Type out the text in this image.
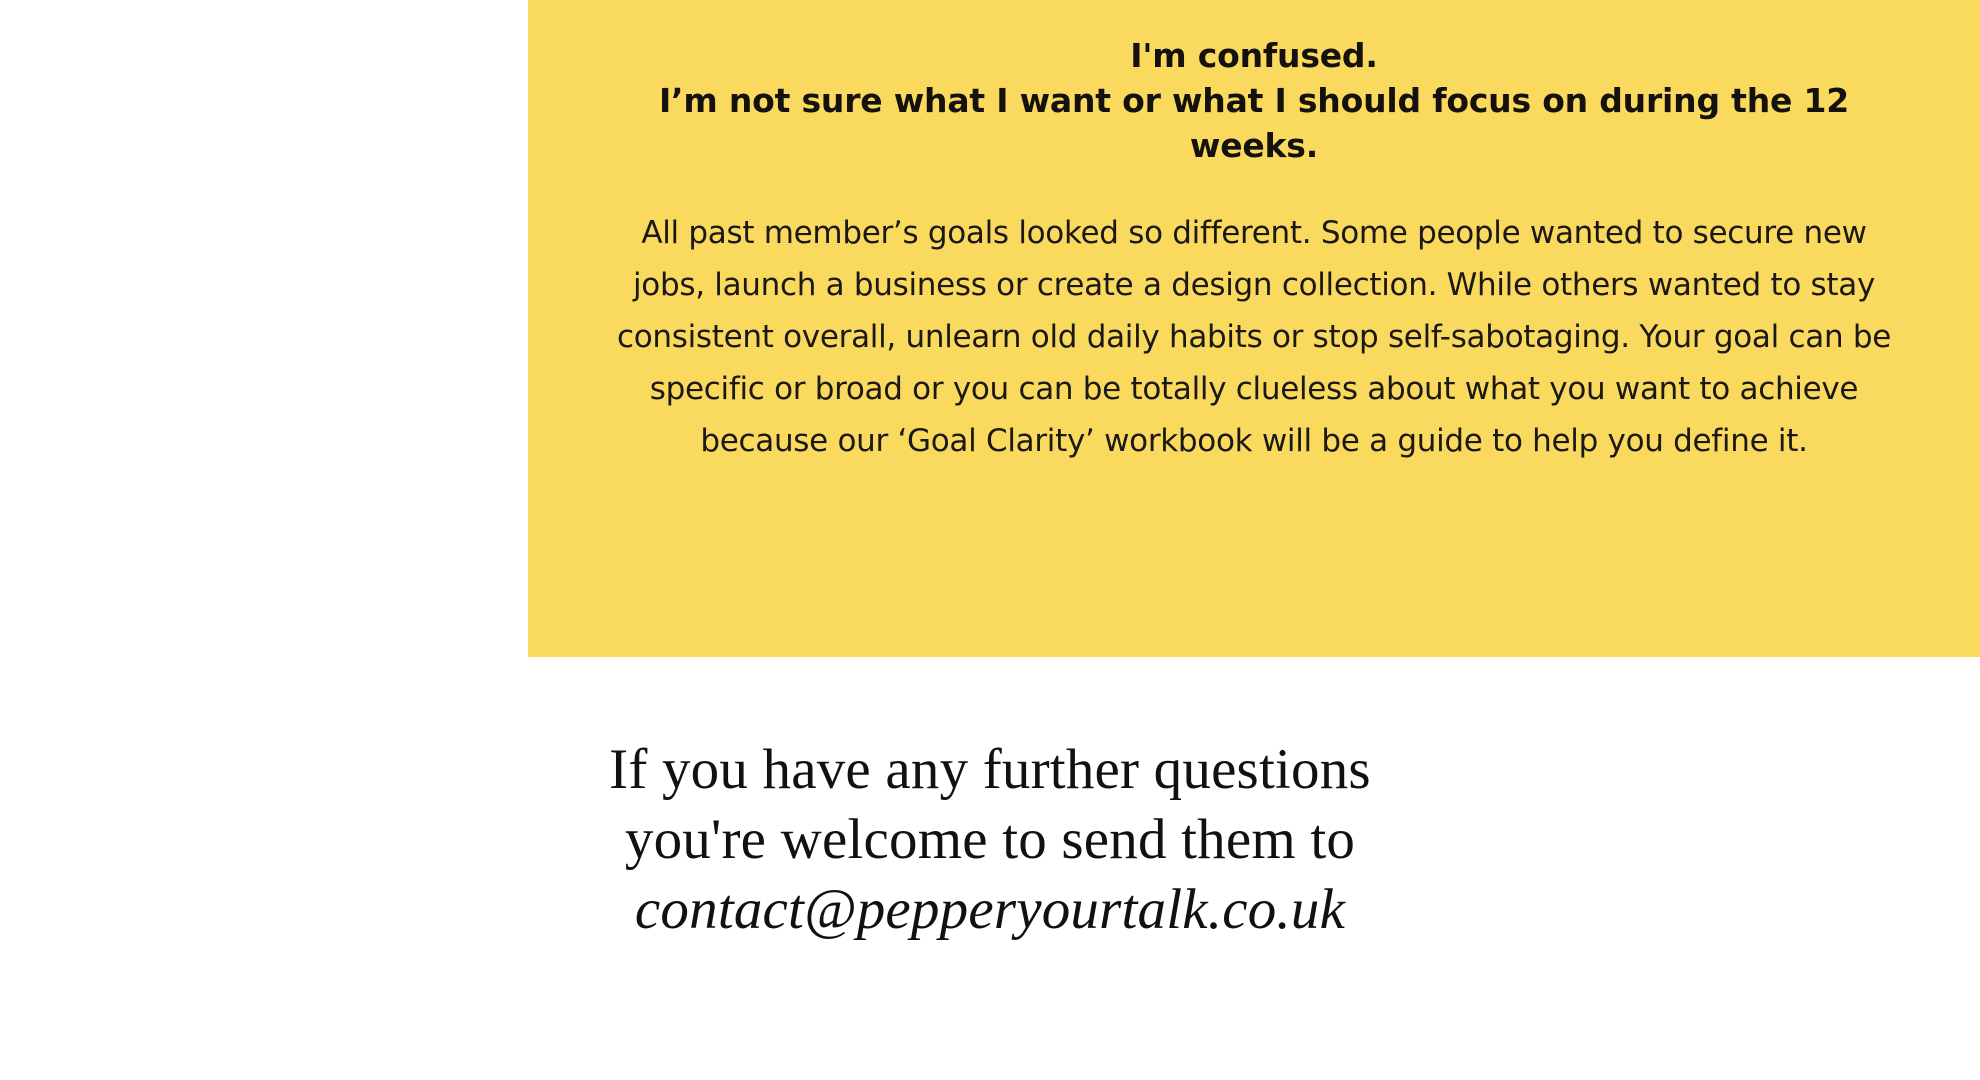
I'm confused.
I’m not sure what I want or what I should focus on during the 12 weeks.

All past member’s goals looked so different. Some people wanted to secure new jobs, launch a business or create a design collection. While others wanted to stay consistent overall, unlearn old daily habits or stop self-sabotaging. Your goal can be specific or broad or you can be totally clueless about what you want to achieve because our ‘Goal Clarity’ workbook will be a guide to help you define it.

If you have any further questions

you're welcome to send them to

contact@pepperyourtalk.co.uk
